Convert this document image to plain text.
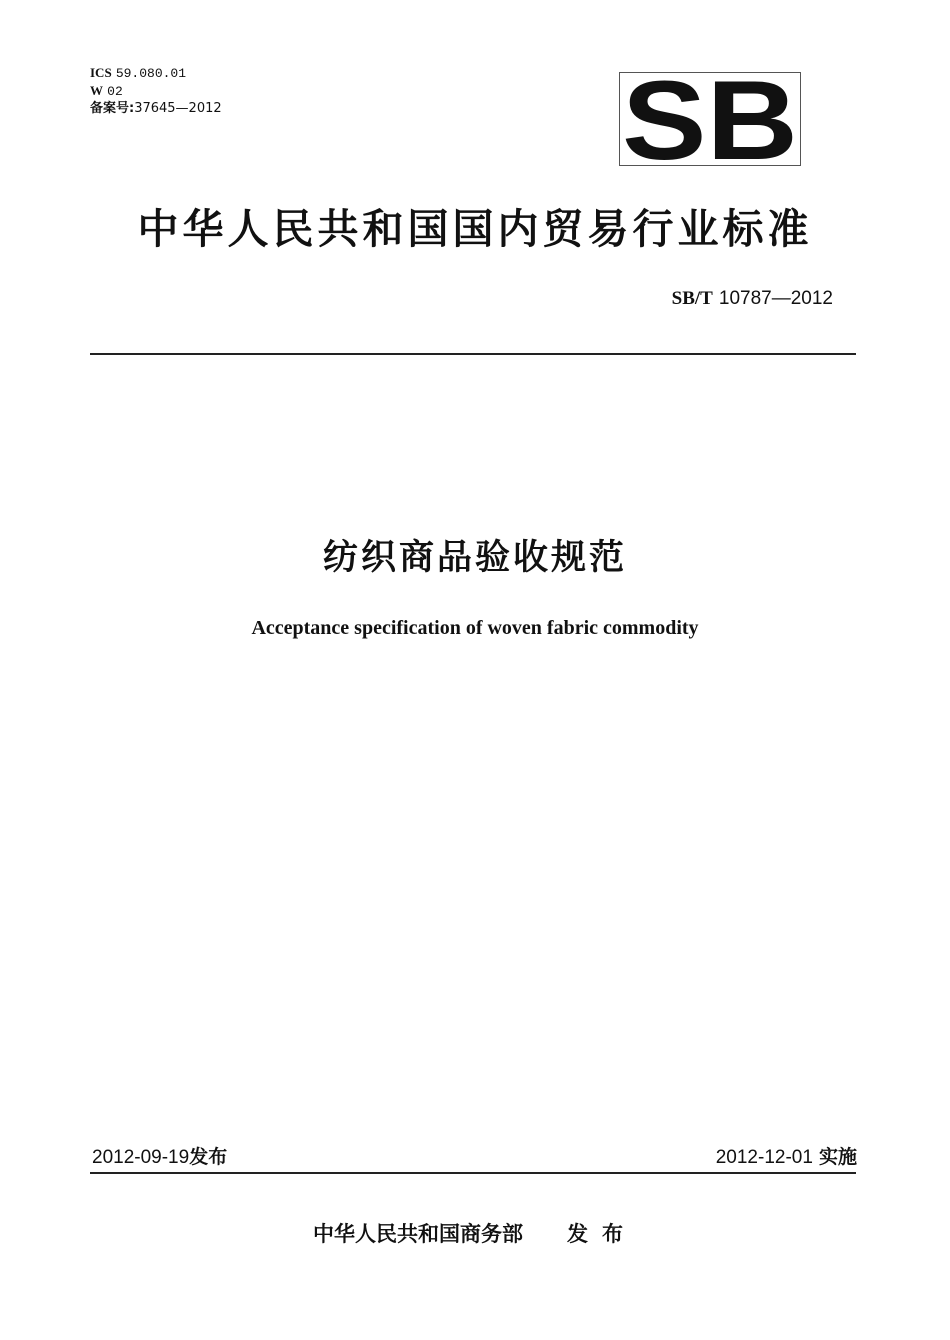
ICS 59.080.01
W 02
备案号:37645—2012	SB
中华人民共和国国内贸易行业标准
SB/T 10787—2012
纺织商品验收规范
Acceptance specification of woven fabric commodity
2012-09-19发布	2012-12-01 实施
中华人民共和国商务部 发布
